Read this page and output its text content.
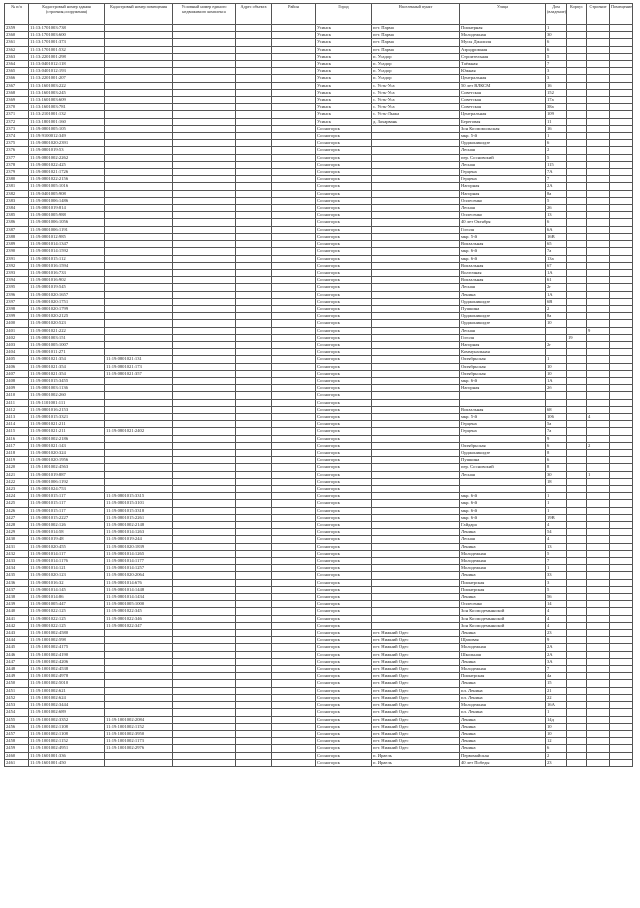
№ п/п	Кадастровый номер здания (строения,сооружения)	Кадастровый номер помещения	Условный номер единого недвижимого комплекса	Адрес объекта	Район	Город	Населенный пункт	Улица	Дом (владение)	Корпус	Строение	Помещение
2359	11:13:1701003:738					Усинск	пгт. Парма	Пионерная	1			
2360	11:13:1701003:600					Усинск	пгт. Парма	Молодежная	30			
2361	11:13:1701001:373					Усинск	пгт. Парма	Мусы Джалиля	6			
2362	11:13:1701001:532					Усинск	пгт. Парма	Аэродромная	6			
2363	11:13:2201001:298					Усинск	п. Усадор	Строительная	5			
2364	11:13:0401012:118					Усинск	п. Усадор	Таёжная	7			
2365	11:13:0401012:193					Усинск	п. Усадор	Южная	3			
2366	11:13:2201001:207					Усинск	п. Усадор	Центральная	3			
2367	11:13:1601003:222					Усинск	с. Усть-Уса	50 лет ВЛКСМ	16			
2368	11:13:1601003:245					Усинск	с. Усть-Уса	Советская	152			
2369	11:13:1601003:609					Усинск	с. Усть-Уса	Советская	17а			
2370	11:13:1601003:781					Усинск	с. Усть-Уса	Советская	38а			
2371	11:13:2101001:132					Усинск	с. Усть-Лыжа	Центральная	109			
2372	11:13:1801001:160					Усинск	д. Захарвань	Береговая	11			
2373	11:19:0801005:105					Сосногорск		Зон Космомольская	16			
2374	11:19:9100012:349					Сосногорск		мкр. 5-й	1			
2375	11:19:0801020:2391					Сосногорск		Орджоникидзе	6			
2376	11:19:0801019:53					Сосногорск		Лесная	2			
2377	11:19:0801002:2262					Сосногорск		пер. Сосновский	5			
2378	11:19:0801022:425					Сосногорск		Лесная	115			
2379	11:19:0801021:1726					Сосногорск		Герцена	7А			
2380	11:19:0801022:2156					Сосногорск		Герцена	7			
2381	11:19:0801005:1016					Сосногорск		Нагорная	2А			
2382	11:19:0401005:908					Сосногорск		Нагорная	8а			
2383	11:19:0801006:1486					Сосногорск		Оплесенко	5			
2384	11:19:0801019:814					Сосногорск		Лесная	26			
2385	11:19:0801005:988					Сосногорск		Оплесенко	13			
2386	11:19:0801006:1056					Сосногорск		40 лет Октября	6			
2387	11:19:0801006:1191					Сосногорск		Гоголя	6А			
2388	11:19:0801012:985					Сосногорск		мкр. 5-й	16В			
2389	11:19:0801014:1347					Сосногорск		Вокзальная	65			
2390	11:19:0801014:1592					Сосногорск		мкр. 6-й	7а			
2391	11:19:0801015:112					Сосногорск		мкр. 6-й	13а			
2392	11:19:0801016:1594					Сосногорск		Вокзальная	67			
2393	11:19:0801016:733					Сосногорск		Волгочная	1А			
2394	11:19:0801016:902					Сосногорск		Вокзальная	61			
2395	11:19:0801019:545					Сосногорск		Лесная	2г			
2396	11:19:0801020:1657					Сосногорск		Ленина	1А			
2397	11:19:0801020:1751					Сосногорск		Орджоникидзе	6В			
2398	11:19:0801020:1799					Сосногорск		Пушкина	2			
2399	11:19:0801020:2125					Сосногорск		Орджоникидзе	8а			
2400	11:19:0801020:523					Сосногорск		Орджоникидзе	10			
2401	11:19:0801021:222					Сосногорск		Лесная			9	
2402	11:19:0801003:151					Сосногорск		Гоголя		19		
2403	11:19:0801005:1007					Сосногорск		Нагорная	2г			
2404	11:19:0801011:271					Сосногорск		Коммунальная				
2405	11:19:0801021:354	11:19:0801021:131				Сосногорск		Октябрьская	1			
2406	11:19:0801021:354	11:19:0801021:173				Сосногорск		Октябрьская	10			
2407	11:19:0801021:354	11:19:0801021:357				Сосногорск		Октябрьская	10			
2408	11:19:0801015:3455					Сосногорск		мкр. 6-й	1А			
2409	11:19:0801003:1136					Сосногорск		Нагорная	2б			
2410	11:19:0801002:260					Сосногорск						
2411	11:19:1101001:111					Сосногорск						
2412	11:19:0801016:2153					Сосногорск		Вокзальная	68			
2413	11:19:0801015:3321					Сосногорск		мкр. 5-й	106		4	
2414	11:19:0801021:211					Сосногорск		Герцена	5а			
2415	11:19:0801021:211	11:19:0801021:2402				Сосногорск		Герцена	7а			
2416	11:19:0801002:2186					Сосногорск			9			
2417	11:19:0801021:143					Сосногорск		Октябрьская	6		2	
2418	11:19:0801020:324					Сосногорск		Орджоникидзе	8			
2419	11:19:0801020:1956					Сосногорск		Пушкина	6			
2420	11:19:1001002:4563					Сосногорск		пер. Сосновский	8			
2421	11:19:0801019:887					Сосногорск		Лесная	30		1	
2422	11:19:0801006:1192					Сосногорск			18			
2423	11:19:0801024:753					Сосногорск						
2424	11:19:0801015:117	11:19:0801015:3315				Сосногорск		мкр. 6-й	1			
2425	11:19:0801015:117	11:19:0801015:3101				Сосногорск		мкр. 6-й	1			
2426	11:19:0801015:117	11:19:0801015:3318				Сосногорск		мкр. 6-й	1			
2427	11:19:0801015:2227	11:19:0801015:2261				Сосногорск		мкр. 6-й	19В			
2428	11:19:0801002:126	11:19:0801002:2148				Сосногорск		Гайдара	4			
2429	11:19:0801014:58	11:19:0801014:1263				Сосногорск		Ленина	54			
2430	11:19:0801019:48	11:19:0801019:244				Сосногорск		Лесная	4			
2431	11:19:0801020:455	11:19:0801020:1839				Сосногорск		Ленина	13			
2432	11:19:0801014:117	11:19:0801014:1265				Сосногорск		Молодежная	5			
2433	11:19:0801014:1176	11:19:0801014:1177				Сосногорск		Молодежная	7			
2434	11:19:0801014:121	11:19:0801014:1257				Сосногорск		Молодежная	1			
2435	11:19:0801020:123	11:19:0801020:2064				Сосногорск		Ленина	33			
2436	11:19:0801016:32	11:19:0801014:676				Сосногорск		Пионерская	3			
2437	11:19:0801014:145	11:19:0801014:1448				Сосногорск		Пионерская	5			
2438	11:19:0801014:86	11:19:0801014:1434				Сосногорск		Ленина	56			
2439	11:19:0801005:447	11:19:0801005:1000				Сосногорск		Оплесенко	14			
2440	11:19:0801022:125	11:19:0801022:345				Сосногорск		Зон Космодемьянской	4			
2441	11:19:0801022:125	11:19:0801022:346				Сосногорск		Зон Космодемьянской	4			
2442	11:19:0801022:125	11:19:0801022:347				Сосногорск		Зон Космодемьянской	4			
2443	11:19:1001002:4580					Сосногорск	пгт. Нижний Одес	Ленина	23			
2444	11:19:1001002:598					Сосногорск	пгт. Нижний Одес	Щаповая	9			
2445	11:19:1001002:4175					Сосногорск	пгт. Нижний Одес	Молодежная	2А			
2446	11:19:1001002:4190					Сосногорск	пгт. Нижний Одес	Школьная	2А			
2447	11:19:1001002:4206					Сосногорск	пгт. Нижний Одес	Ленина	3А			
2448	11:19:1001002:4538					Сосногорск	пгт. Нижний Одес	Молодежная	7			
2449	11:19:1001002:4978					Сосногорск	пгт. Нижний Одес	Пионерская	4а			
2450	11:19:1001002:5010					Сосногорск	пгт. Нижний Одес	Ленина	15			
2451	11:19:1001002:621					Сосногорск	пгт. Нижний Одес	пл. Ленина	21			
2452	11:19:1001002:624					Сосногорск	пгт. Нижний Одес	пл. Ленина	22			
2453	11:19:1001002:3444					Сосногорск	пгт. Нижний Одес	Молодежная	16А			
2454	11:19:1001002:689					Сосногорск	пгт. Нижний Одес	пл. Ленина	1			
2455	11:19:1001002:3352	11:19:1001002:2084				Сосногорск	пгт. Нижний Одес	Ленина	14д			
2456	11:19:1001002:1108	11:19:1001002:1152				Сосногорск	пгт. Нижний Одес	Ленина	10			
2457	11:19:1001002:1108	11:19:1001002:3950				Сосногорск	пгт. Нижний Одес	Ленина	10			
2458	11:19:1001002:1152	11:19:1001002:1173				Сосногорск	пгт. Нижний Одес	Ленина	12			
2459	11:19:1001002:4951	11:19:1001002:2976				Сосногорск	пгт. Нижний Одес	Ленина	6			
2460	11:19:1601001:336					Сосногорск	п. Ираель	Первомайская	2			
2461	11:19:1601001:450					Сосногорск	п. Ираель	40 лет Победы	23			
